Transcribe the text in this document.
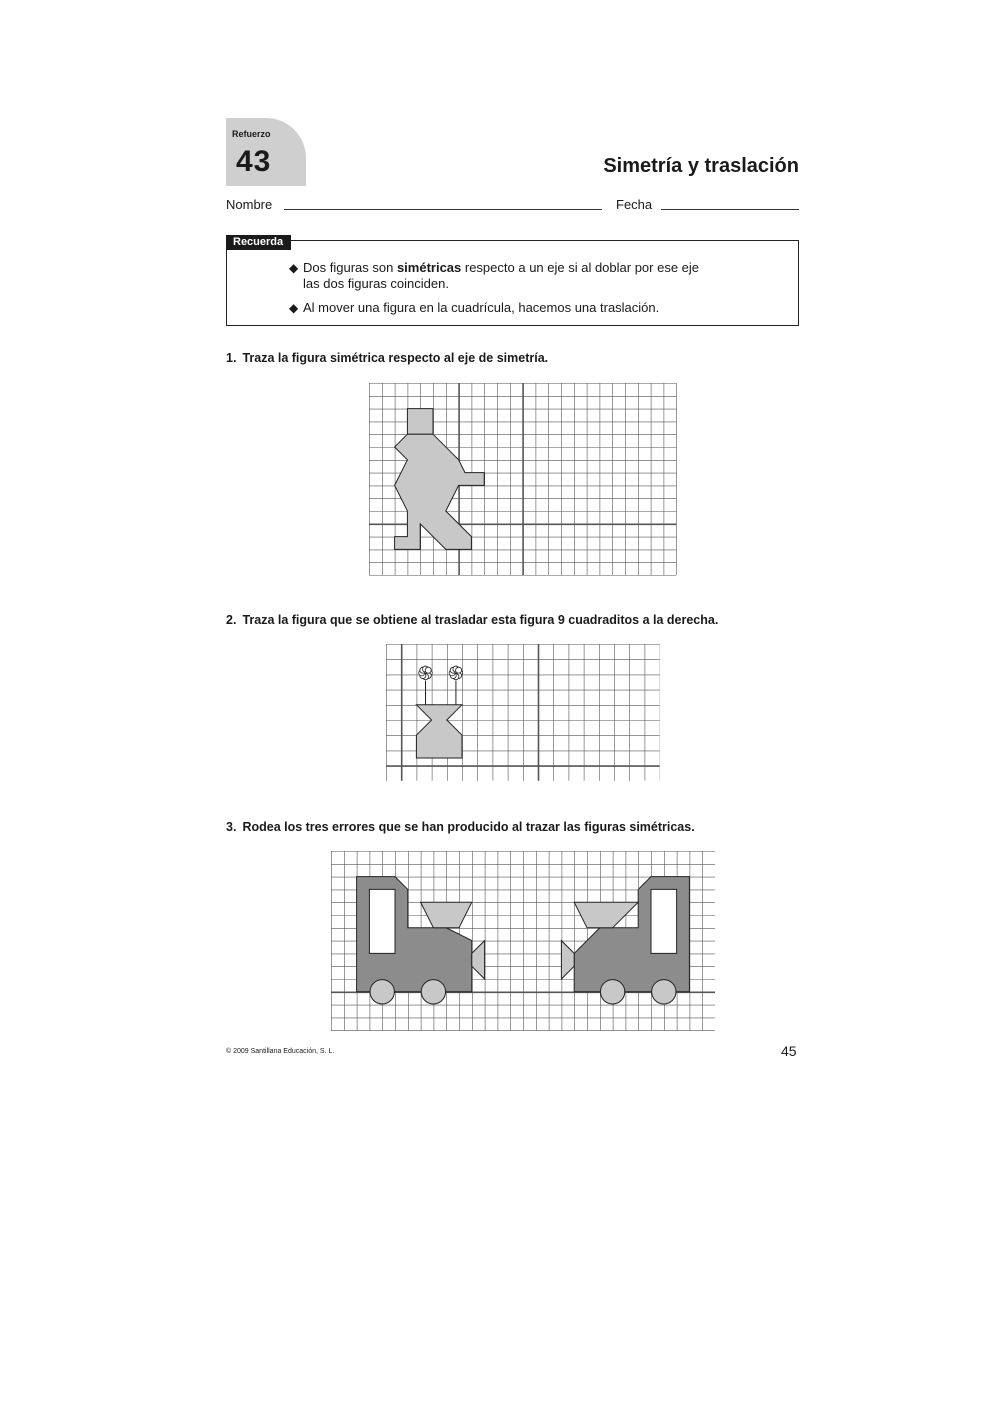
Refuerzo
43	Simetría y traslación
Nombre	Fecha
Recuerda
◆ Dos figuras son simétricas respecto a un eje si al doblar por ese eje
las dos figuras coinciden.
◆ Al mover una figura en la cuadrícula, hacemos una traslación.
1. Traza la figura simétrica respecto al eje de simetría.
2. Traza la figura que se obtiene al trasladar esta figura 9 cuadraditos a la derecha.
3. Rodea los tres errores que se han producido al trazar las figuras simétricas.
© 2009 Santillana Educación, S. L.	45
